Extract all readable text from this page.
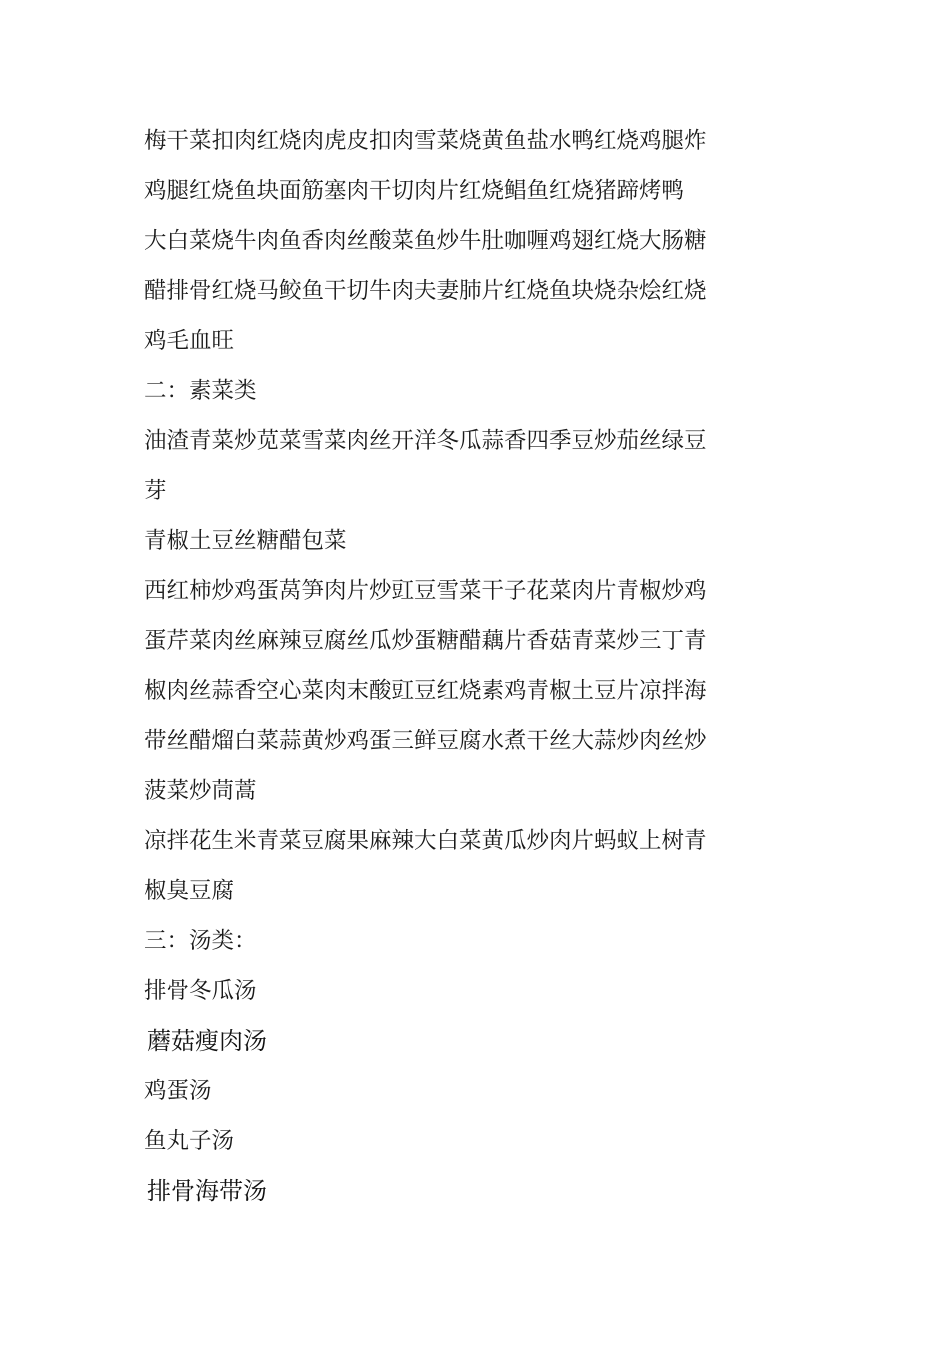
梅干菜扣肉红烧肉虎皮扣肉雪菜烧黄鱼盐水鸭红烧鸡腿炸
鸡腿红烧鱼块面筋塞肉干切肉片红烧鲳鱼红烧猪蹄烤鸭
大白菜烧牛肉鱼香肉丝酸菜鱼炒牛肚咖喱鸡翅红烧大肠糖
醋排骨红烧马鲛鱼干切牛肉夫妻肺片红烧鱼块烧杂烩红烧
鸡毛血旺
二：素菜类
油渣青菜炒苋菜雪菜肉丝开洋冬瓜蒜香四季豆炒茄丝绿豆
芽
青椒土豆丝糖醋包菜
西红柿炒鸡蛋莴笋肉片炒豇豆雪菜干子花菜肉片青椒炒鸡
蛋芹菜肉丝麻辣豆腐丝瓜炒蛋糖醋藕片香菇青菜炒三丁青
椒肉丝蒜香空心菜肉末酸豇豆红烧素鸡青椒土豆片凉拌海
带丝醋熘白菜蒜黄炒鸡蛋三鲜豆腐水煮干丝大蒜炒肉丝炒
菠菜炒茼蒿
凉拌花生米青菜豆腐果麻辣大白菜黄瓜炒肉片蚂蚁上树青
椒臭豆腐
三：汤类：
排骨冬瓜汤
蘑菇瘦肉汤
鸡蛋汤
鱼丸子汤
排骨海带汤
